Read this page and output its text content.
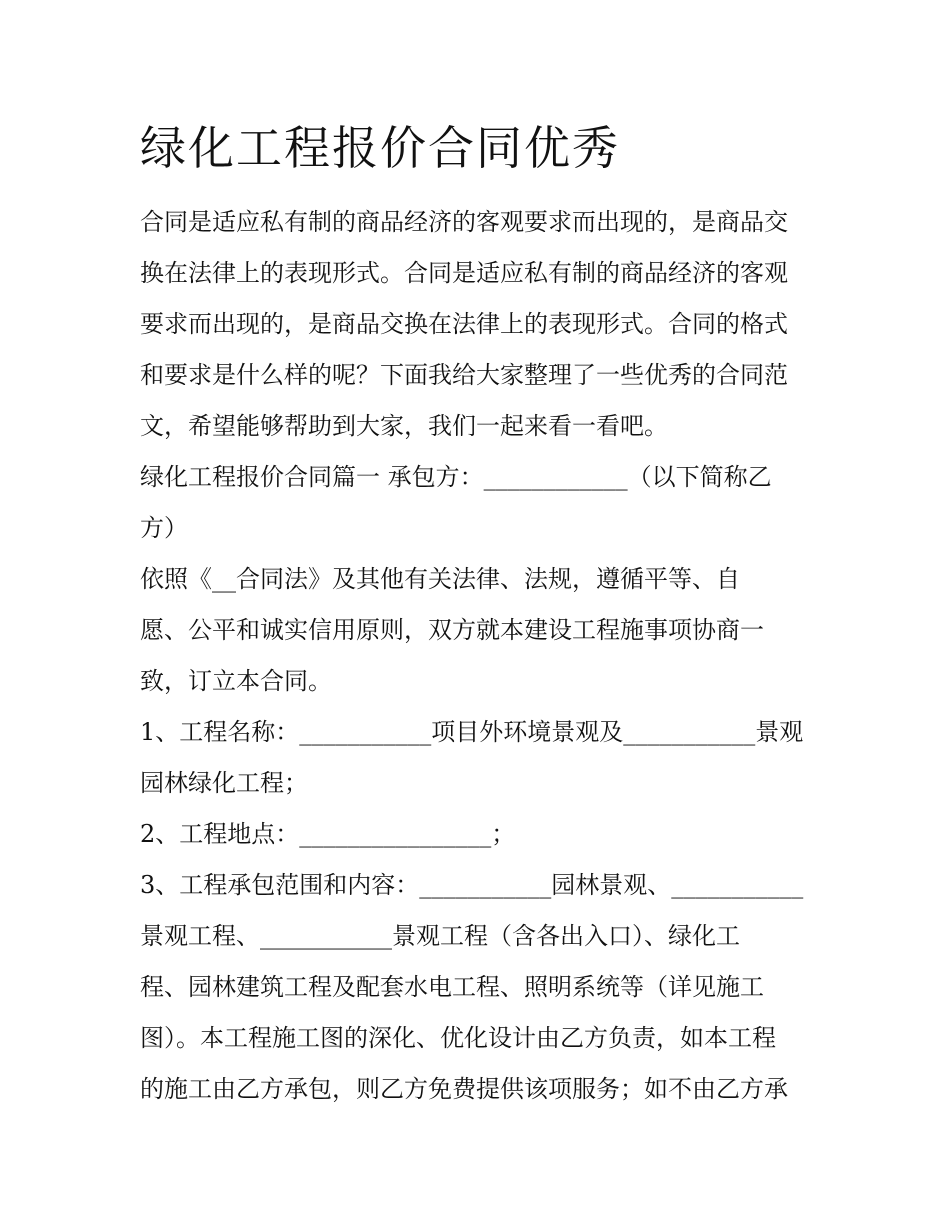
绿化工程报价合同优秀

合同是适应私有制的商品经济的客观要求而出现的，是商品交

换在法律上的表现形式。合同是适应私有制的商品经济的客观

要求而出现的，是商品交换在法律上的表现形式。合同的格式

和要求是什么样的呢？下面我给大家整理了一些优秀的合同范

文，希望能够帮助到大家，我们一起来看一看吧。

绿化工程报价合同篇一 承包方：____________（以下简称乙

方）

依照《__合同法》及其他有关法律、法规，遵循平等、自

愿、公平和诚实信用原则，双方就本建设工程施事项协商一

致，订立本合同。

1、工程名称：___________项目外环境景观及___________景观

园林绿化工程；

2、工程地点：________________；

3、工程承包范围和内容：___________园林景观、___________

景观工程、___________景观工程（含各出入口）、绿化工

程、园林建筑工程及配套水电工程、照明系统等（详见施工

图）。本工程施工图的深化、优化设计由乙方负责，如本工程

的施工由乙方承包，则乙方免费提供该项服务；如不由乙方承
